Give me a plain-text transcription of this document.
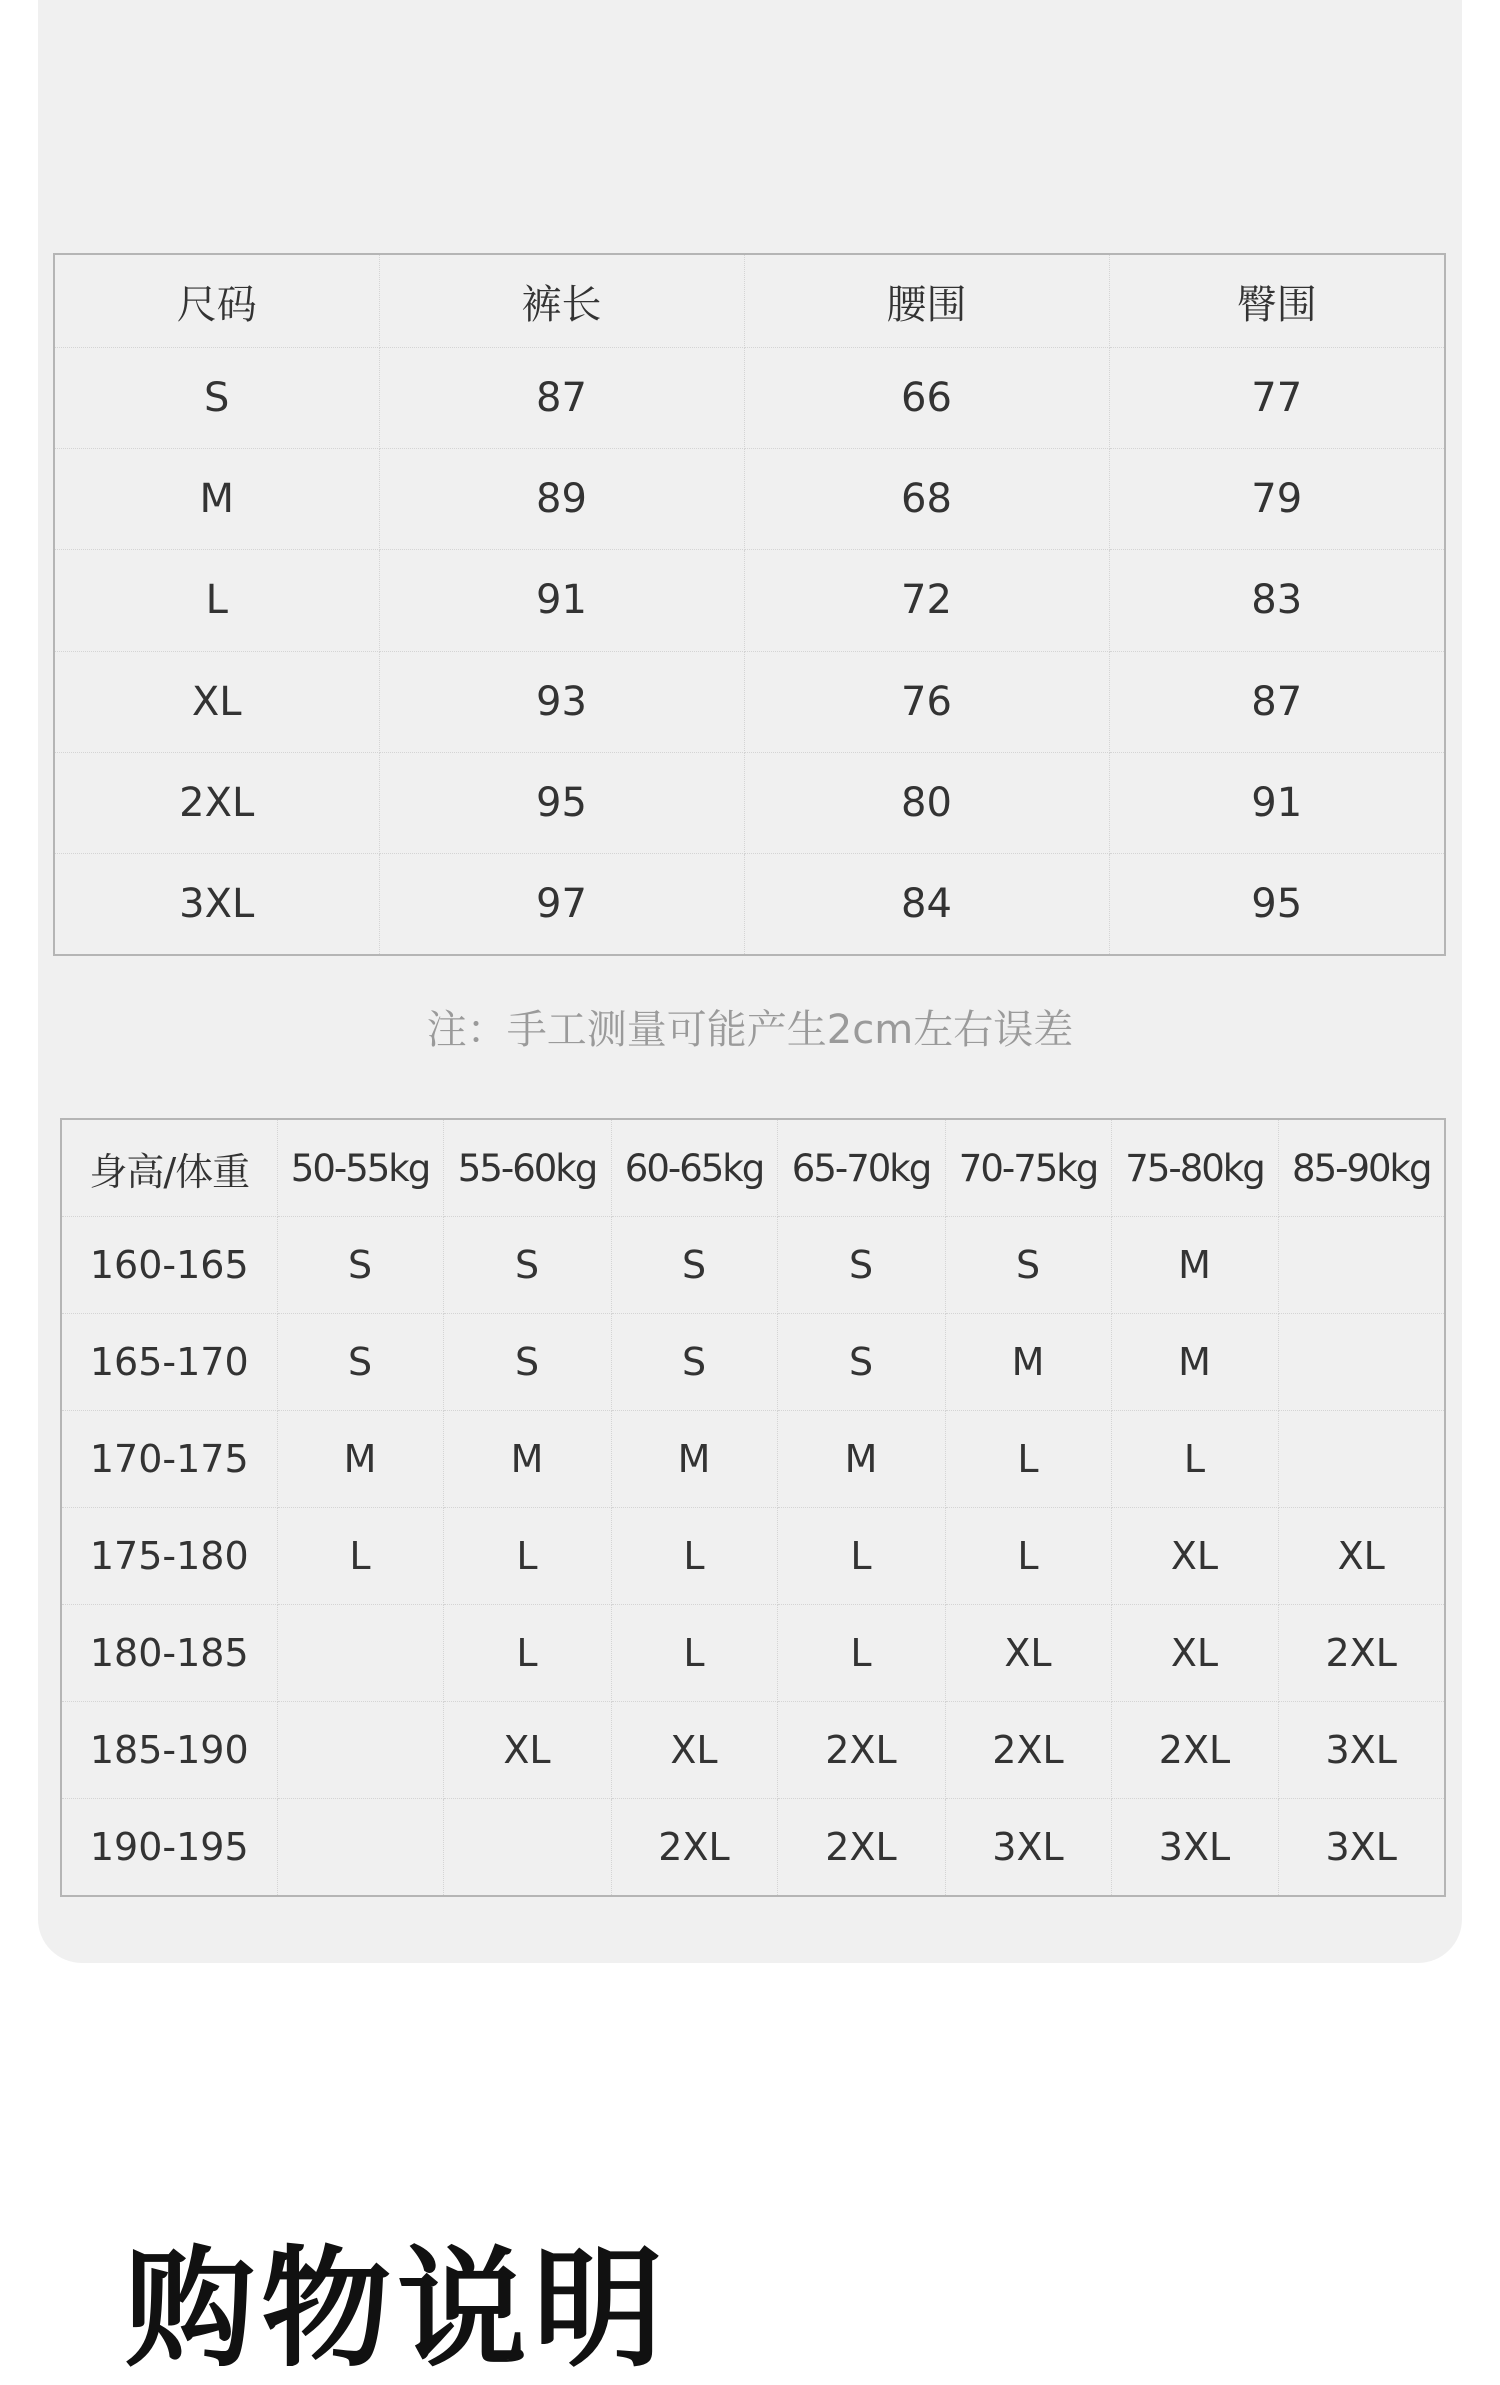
尺码	裤长	腰围	臀围
S	87	66	77
M	89	68	79
L	91	72	83
XL	93	76	87
2XL	95	80	91
3XL	97	84	95
注：手工测量可能产生2cm左右误差
身高/体重	50-55kg	55-60kg	60-65kg	65-70kg	70-75kg	75-80kg	85-90kg
160-165	S	S	S	S	S	M	
165-170	S	S	S	S	M	M	
170-175	M	M	M	M	L	L	
175-180	L	L	L	L	L	XL	XL
180-185		L	L	L	XL	XL	2XL
185-190		XL	XL	2XL	2XL	2XL	3XL
190-195			2XL	2XL	3XL	3XL	3XL
购物说明
